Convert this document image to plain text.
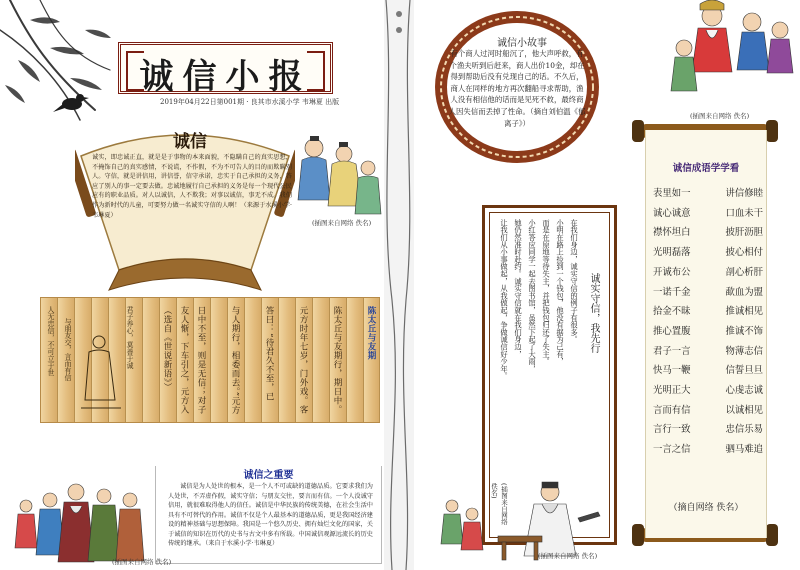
诚信小报
2019年04月22日第001期 · 良其市水溪小学 韦琳夏 出版
诚信
诚实，即忠诚正直，就是是于事物的本来面貌，不隐瞒自己的真实思想，不掩饰自己的真实感情，不说谎，不作假，不为不可告人的目的而欺瞒别人。守信，就是讲信用，讲信誉，信守承诺，忠实于自己承担的义务，答应了别人的事一定要去做。忠诚地履行自己承担的义务是每一个现代公民应有的职业品质。对人以诚信，人不欺我；对事以诚信，事无不成。我们作为新时代的儿童，可要努力做一名诚实守信的人啊！（来源于水溪小学·韦琳夏）
(插图来自网络 佚名)
人无忠信，不可立于世	与朋友交，言而有信	君子养心，莫善于诚	陈太丘与友期
陈太丘与友期行，期日中。
元方时年七岁，门外戏。客
答曰：“待君久不至，已
与人期行，相委而去。”元方
日中不至，则是无信；对子
友人惭，下车引之，元方入
（选自《世说新语》）
诚信之重要
诚信是为人处世的根本，是一个人不可或缺的道德品质。它要求我们为人处世，不弄虚作假，诚实守信；与朋友交往，要言而有信。一个人没诚守信用，就很难取得他人的信任。诚信是中华民族的传统美德，在社会生活中具有不可替代的作用。诚信不仅是个人最基本的道德品质，更是我国经济建设的精神基础与思想保障。我国是一个悠久历史、拥有灿烂文化的国家，关于诚信的知识在历代的史书与古文中多有所载。中国诚信观源远流长的历史传统的继承。（来自于水溪小学·韦琳夏）
(插图来自网络 佚名)
诚信小故事
有个商人过河时船沉了，他大声呼救，有个渔夫听到后赶来，商人出价10金，却在得到帮助后没有兑现自己的话。不久后，商人在同样的地方再次翻船寻求帮助，渔人没有相信他的话而是见死不救，最终商人因失信而丢掉了性命。（摘自刘伯温《郁离子》）
(插图来自网络 佚名)
诚实守信，我先行
在我们身边，诚实守信的例子有很多。
小明在路上捡到一个钱包，他没有据为己有，
而是在原地等待失主，并把钱包归还了失主。
小红答应同学一起去图书馆，虽然下起了大雨，
她仍然准时赴约。诚实守信就在我们身边，
让我们从小事做起，从我做起，争做诚信好少年。
(插图来自网络 佚名)
(插图来自网络 佚名)
诚信成语学学看
表里如一	讲信修睦
诚心诚意	口血未干
襟怀坦白	披肝沥胆
光明磊落	披心相付
开诚布公	剖心析肝
一诺千金	歃血为盟
拾金不昧	推诚相见
推心置腹	推诚不饰
君子一言	物薄志信
快马一鞭	信誓旦旦
光明正大	心虔志诚
言而有信	以诚相见
言行一致	忠信乐易
一言之信	驷马难追
（摘自网络 佚名）
